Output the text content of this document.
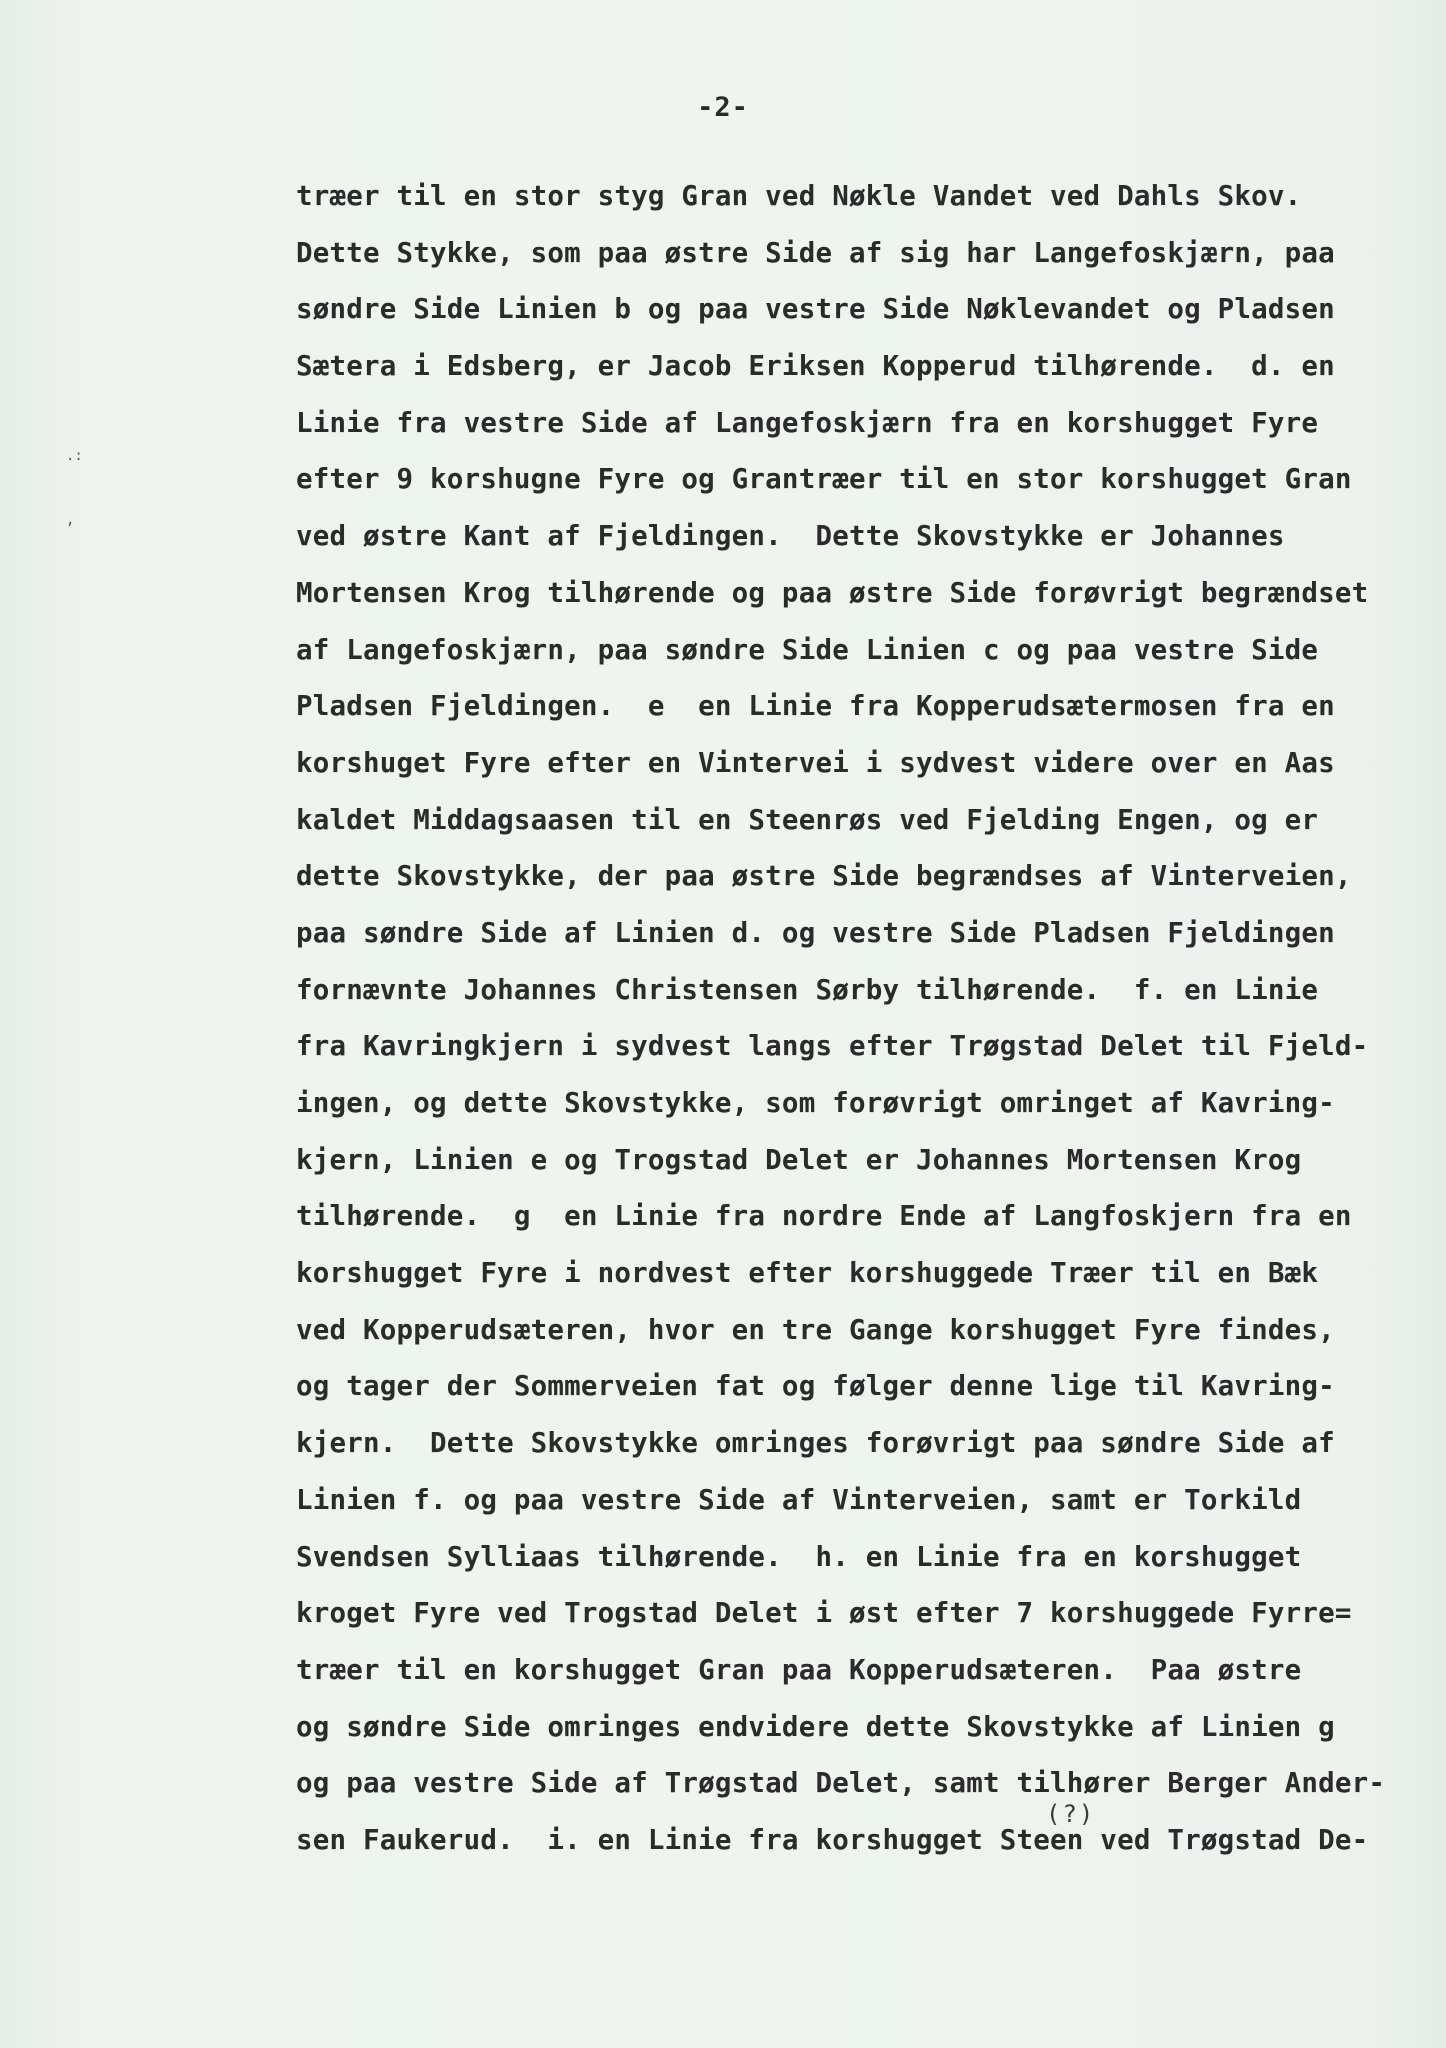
-2-
.:
,
træer til en stor styg Gran ved Nøkle Vandet ved Dahls Skov.
Dette Stykke, som paa østre Side af sig har Langefoskjærn, paa
søndre Side Linien b og paa vestre Side Nøklevandet og Pladsen
Sætera i Edsberg, er Jacob Eriksen Kopperud tilhørende.  d. en
Linie fra vestre Side af Langefoskjærn fra en korshugget Fyre
efter 9 korshugne Fyre og Grantræer til en stor korshugget Gran
ved østre Kant af Fjeldingen.  Dette Skovstykke er Johannes
Mortensen Krog tilhørende og paa østre Side forøvrigt begrændset
af Langefoskjærn, paa søndre Side Linien c og paa vestre Side
Pladsen Fjeldingen.  e  en Linie fra Kopperudsætermosen fra en
korshuget Fyre efter en Vintervei i sydvest videre over en Aas
kaldet Middagsaasen til en Steenrøs ved Fjelding Engen, og er
dette Skovstykke, der paa østre Side begrændses af Vinterveien,
paa søndre Side af Linien d. og vestre Side Pladsen Fjeldingen
fornævnte Johannes Christensen Sørby tilhørende.  f. en Linie
fra Kavringkjern i sydvest langs efter Trøgstad Delet til Fjeld-
ingen, og dette Skovstykke, som forøvrigt omringet af Kavring-
kjern, Linien e og Trogstad Delet er Johannes Mortensen Krog
tilhørende.  g  en Linie fra nordre Ende af Langfoskjern fra en
korshugget Fyre i nordvest efter korshuggede Træer til en Bæk
ved Kopperudsæteren, hvor en tre Gange korshugget Fyre findes,
og tager der Sommerveien fat og følger denne lige til Kavring-
kjern.  Dette Skovstykke omringes forøvrigt paa søndre Side af
Linien f. og paa vestre Side af Vinterveien, samt er Torkild
Svendsen Sylliaas tilhørende.  h. en Linie fra en korshugget
kroget Fyre ved Trogstad Delet i øst efter 7 korshuggede Fyrre=
træer til en korshugget Gran paa Kopperudsæteren.  Paa østre
og søndre Side omringes endvidere dette Skovstykke af Linien g
og paa vestre Side af Trøgstad Delet, samt tilhører Berger Ander-
sen Faukerud.  i. en Linie fra korshugget Steen ved Trøgstad De-
(?)
